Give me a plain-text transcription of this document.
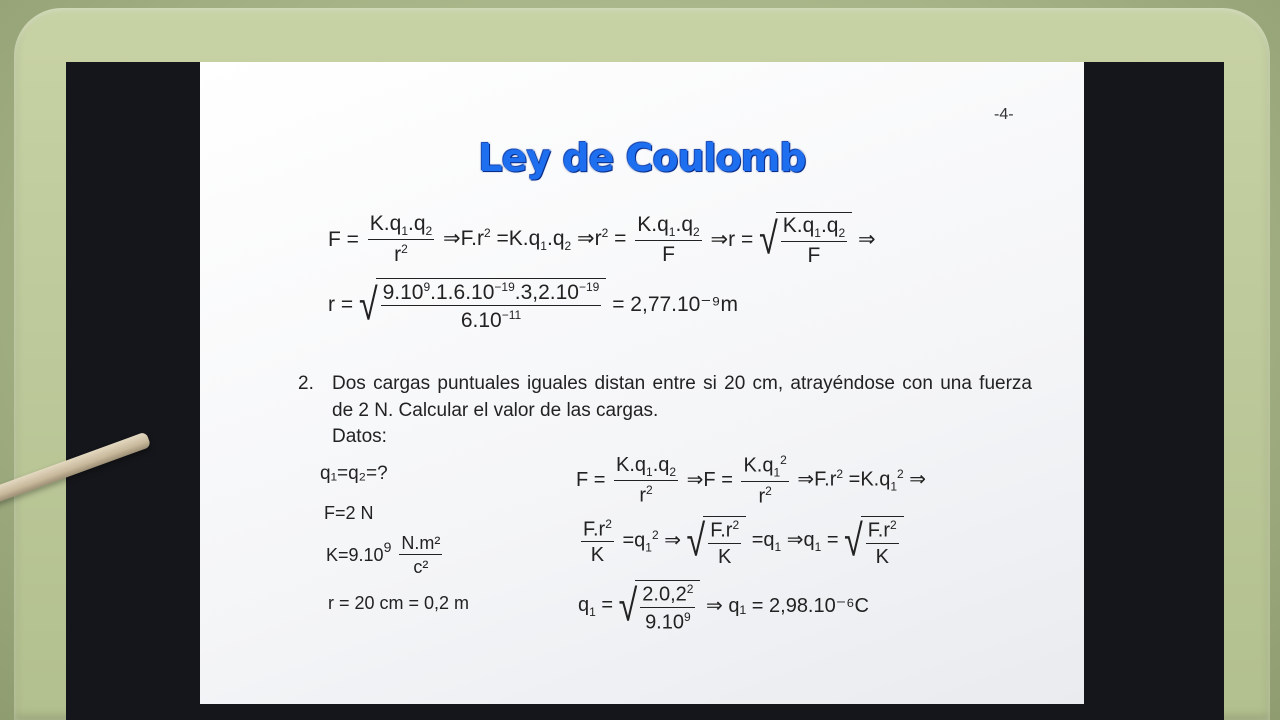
-4-
Ley de Coulomb
$F = \frac{K.q_1.q_2}{r^2}$ $\Rightarrow F.r^2 =K.q_1.q_2$ $\Rightarrow r^2 = \frac{K.q_1.q_2}{F}$ ⇒r = √ $\frac{K.q_1.q_2}{F}$ ⇒
r = √ $\frac{9.10^9.1.6.10^{-19}.3,2.10^{-19}}{6.10^{-11}} = 2,77.10^{-9}m$
2. Dos cargas puntuales iguales distan entre si 20 cm, atrayéndose con una fuerza de 2 N. Calcular el valor de las cargas.
Datos:
q₁=q₂=?
F=2 N
$K=9.10^9 \frac{\text{N.m²}}{\text{c²}}$
r = 20 cm = 0,2 m
$F = \frac{K.q_1.q_2}{r^2}$ ⇒F = $\frac{K.q_1^2}{r^2}$ $\Rightarrow F.r^2 =K.q_1^2$ ⇒
$\frac{F.r^2}{K} =q_1^2$ ⇒ √ $\frac{F.r^2}{K} =q_1$ $\Rightarrow q_1$ = √ $\frac{F.r^2}{K}$
$q_1$ = √ $\frac{2.0,2^2}{9.10^9}$ ⇒ q₁ = 2,98.10⁻⁶C
